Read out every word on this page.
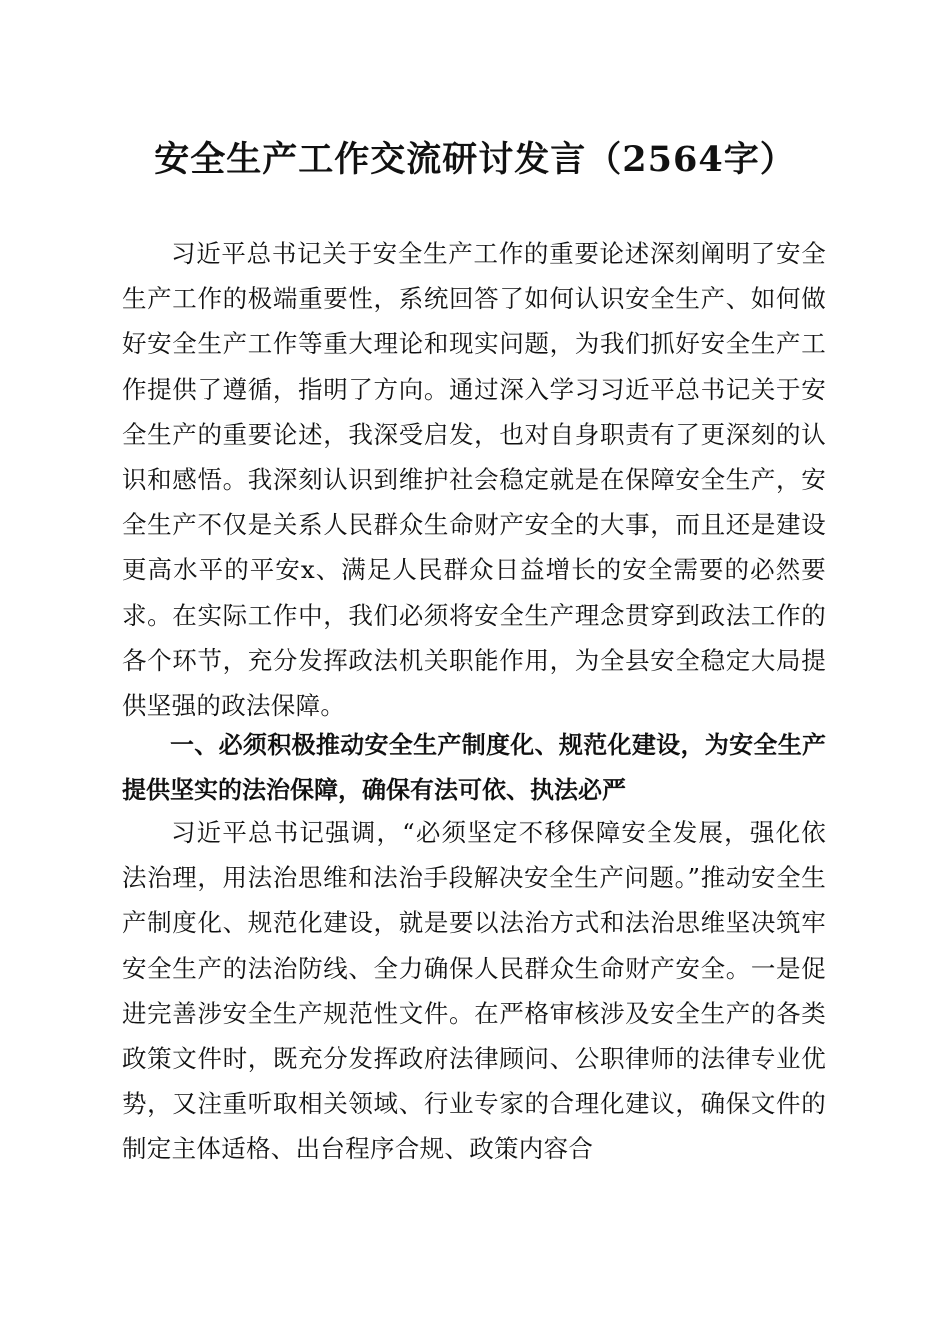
安全生产工作交流研讨发言（2564字）

习近平总书记关于安全生产工作的重要论述深刻阐明了安全生产工作的极端重要性，系统回答了如何认识安全生产、如何做好安全生产工作等重大理论和现实问题，为我们抓好安全生产工作提供了遵循，指明了方向。通过深入学习习近平总书记关于安全生产的重要论述，我深受启发，也对自身职责有了更深刻的认识和感悟。我深刻认识到维护社会稳定就是在保障安全生产，安全生产不仅是关系人民群众生命财产安全的大事，而且还是建设更高水平的平安x、满足人民群众日益增长的安全需要的必然要求。在实际工作中，我们必须将安全生产理念贯穿到政法工作的各个环节，充分发挥政法机关职能作用，为全县安全稳定大局提供坚强的政法保障。

一、必须积极推动安全生产制度化、规范化建设，为安全生产提供坚实的法治保障，确保有法可依、执法必严

习近平总书记强调，“必须坚定不移保障安全发展，强化依法治理，用法治思维和法治手段解决安全生产问题。”推动安全生产制度化、规范化建设，就是要以法治方式和法治思维坚决筑牢安全生产的法治防线、全力确保人民群众生命财产安全。一是促进完善涉安全生产规范性文件。在严格审核涉及安全生产的各类政策文件时，既充分发挥政府法律顾问、公职律师的法律专业优势，又注重听取相关领域、行业专家的合理化建议，确保文件的制定主体适格、出台程序合规、政策内容合
